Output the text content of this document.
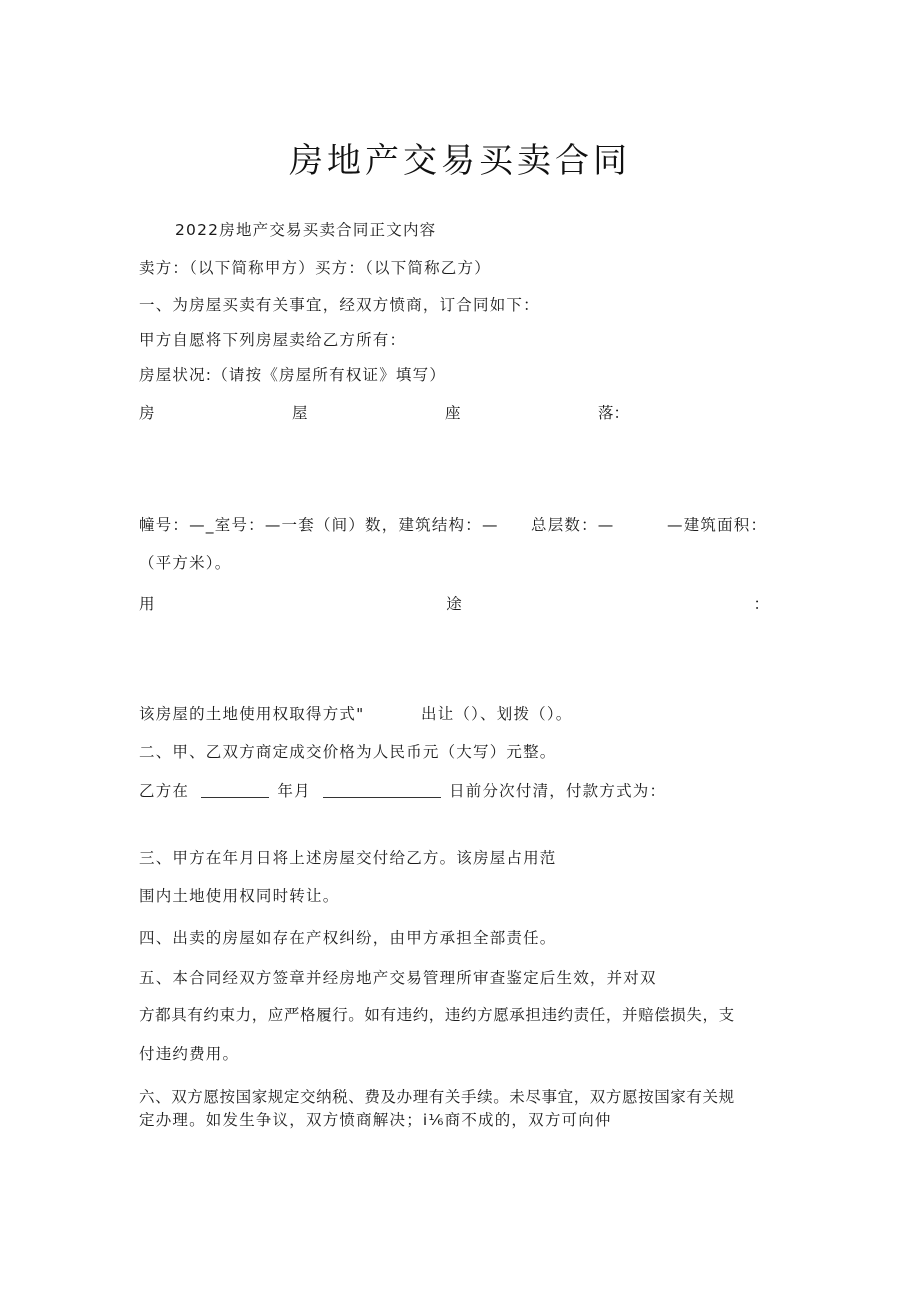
房地产交易买卖合同
2022房地产交易买卖合同正文内容
卖方：（以下简称甲方）买方：（以下简称乙方）
一、为房屋买卖有关事宜，经双方愤商，订合同如下：
甲方自愿将下列房屋卖给乙方所有：
房屋状况:（请按《房屋所有权证》填写）
房	屋	座	落：
幢号：—_室号：—一套（间）数，建筑结构：— 总层数：—	—建筑面积：
（平方米）。
用	途	：
该房屋的土地使用权取得方式"	出让（）、划拨（）。
二、甲、乙双方商定成交价格为人民币元（大写）元整。
乙方在	年月	日前分次付清，付款方式为：
三、甲方在年月日将上述房屋交付给乙方。该房屋占用范
围内土地使用权同时转让。
四、出卖的房屋如存在产权纠纷，由甲方承担全部责任。
五、本合同经双方签章并经房地产交易管理所审查鉴定后生效，并对双
方都具有约束力，应严格履行。如有违约，违约方愿承担违约责任，并赔偿损失，支
付违约费用。
六、双方愿按国家规定交纳税、费及办理有关手续。未尽事宜，双方愿按国家有关规
定办理。如发生争议，双方愤商解决；i⅙商不成的，双方可向仲
